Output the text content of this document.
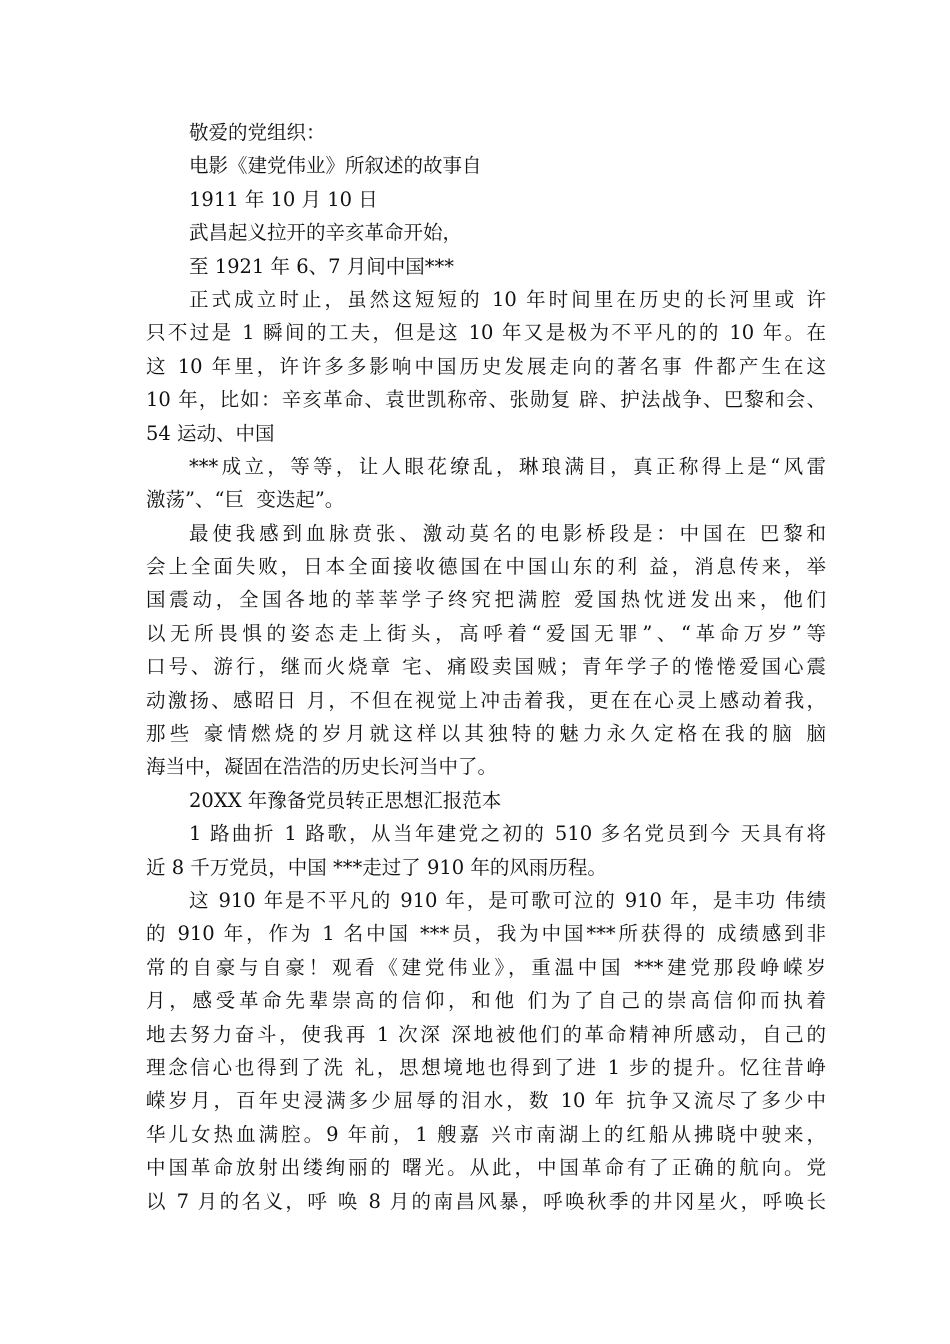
敬爱的党组织：
电影《建党伟业》所叙述的故事自
1911 年 10 月 10 日
武昌起义拉开的辛亥革命开始，
至 1921 年 6、7 月间中国***
正式成立时止，虽然这短短的 10 年时间里在历史的长河里或 许
只不过是 1 瞬间的工夫，但是这 10 年又是极为不平凡的的 10 年。在
这 10 年里，许许多多影响中国历史发展走向的著名事 件都产生在这
10 年，比如：辛亥革命、袁世凯称帝、张勋复 辟、护法战争、巴黎和会、
54 运动、中国
***成立，等等，让人眼花缭乱，琳琅满目，真正称得上是“风雷
激荡”、“巨  变迭起”。
最使我感到血脉贲张、激动莫名的电影桥段是：中国在 巴黎和
会上全面失败，日本全面接收德国在中国山东的利 益，消息传来，举
国震动，全国各地的莘莘学子终究把满腔 爱国热忱迸发出来，他们
以无所畏惧的姿态走上街头，高呼着“爱国无罪”、“革命万岁”等
口号、游行，继而火烧章 宅、痛殴卖国贼；青年学子的惓惓爱国心震
动激扬、感昭日 月，不但在视觉上冲击着我，更在在心灵上感动着我，
那些 豪情燃烧的岁月就这样以其独特的魅力永久定格在我的脑 脑
海当中，凝固在浩浩的历史长河当中了。
20XX 年豫备党员转正思想汇报范本
1 路曲折 1 路歌，从当年建党之初的 510 多名党员到今 天具有将
近 8 千万党员，中国 ***走过了 910 年的风雨历程。
这 910 年是不平凡的 910 年，是可歌可泣的 910 年，是丰功 伟绩
的 910 年，作为 1 名中国 ***员，我为中国***所获得的 成绩感到非
常的自豪与自豪！观看《建党伟业》，重温中国 ***建党那段峥嵘岁
月，感受革命先辈崇高的信仰，和他 们为了自己的崇高信仰而执着
地去努力奋斗，使我再 1 次深 深地被他们的革命精神所感动，自己的
理念信心也得到了洗 礼，思想境地也得到了进 1 步的提升。忆往昔峥
嵘岁月，百年史浸满多少屈辱的泪水，数 10 年 抗争又流尽了多少中
华儿女热血满腔。9 年前，1 艘嘉 兴市南湖上的红船从拂晓中驶来，
中国革命放射出缕绚丽的 曙光。从此，中国革命有了正确的航向。党
以 7 月的名义，呼 唤 8 月的南昌风暴，呼唤秋季的井冈星火，呼唤长
